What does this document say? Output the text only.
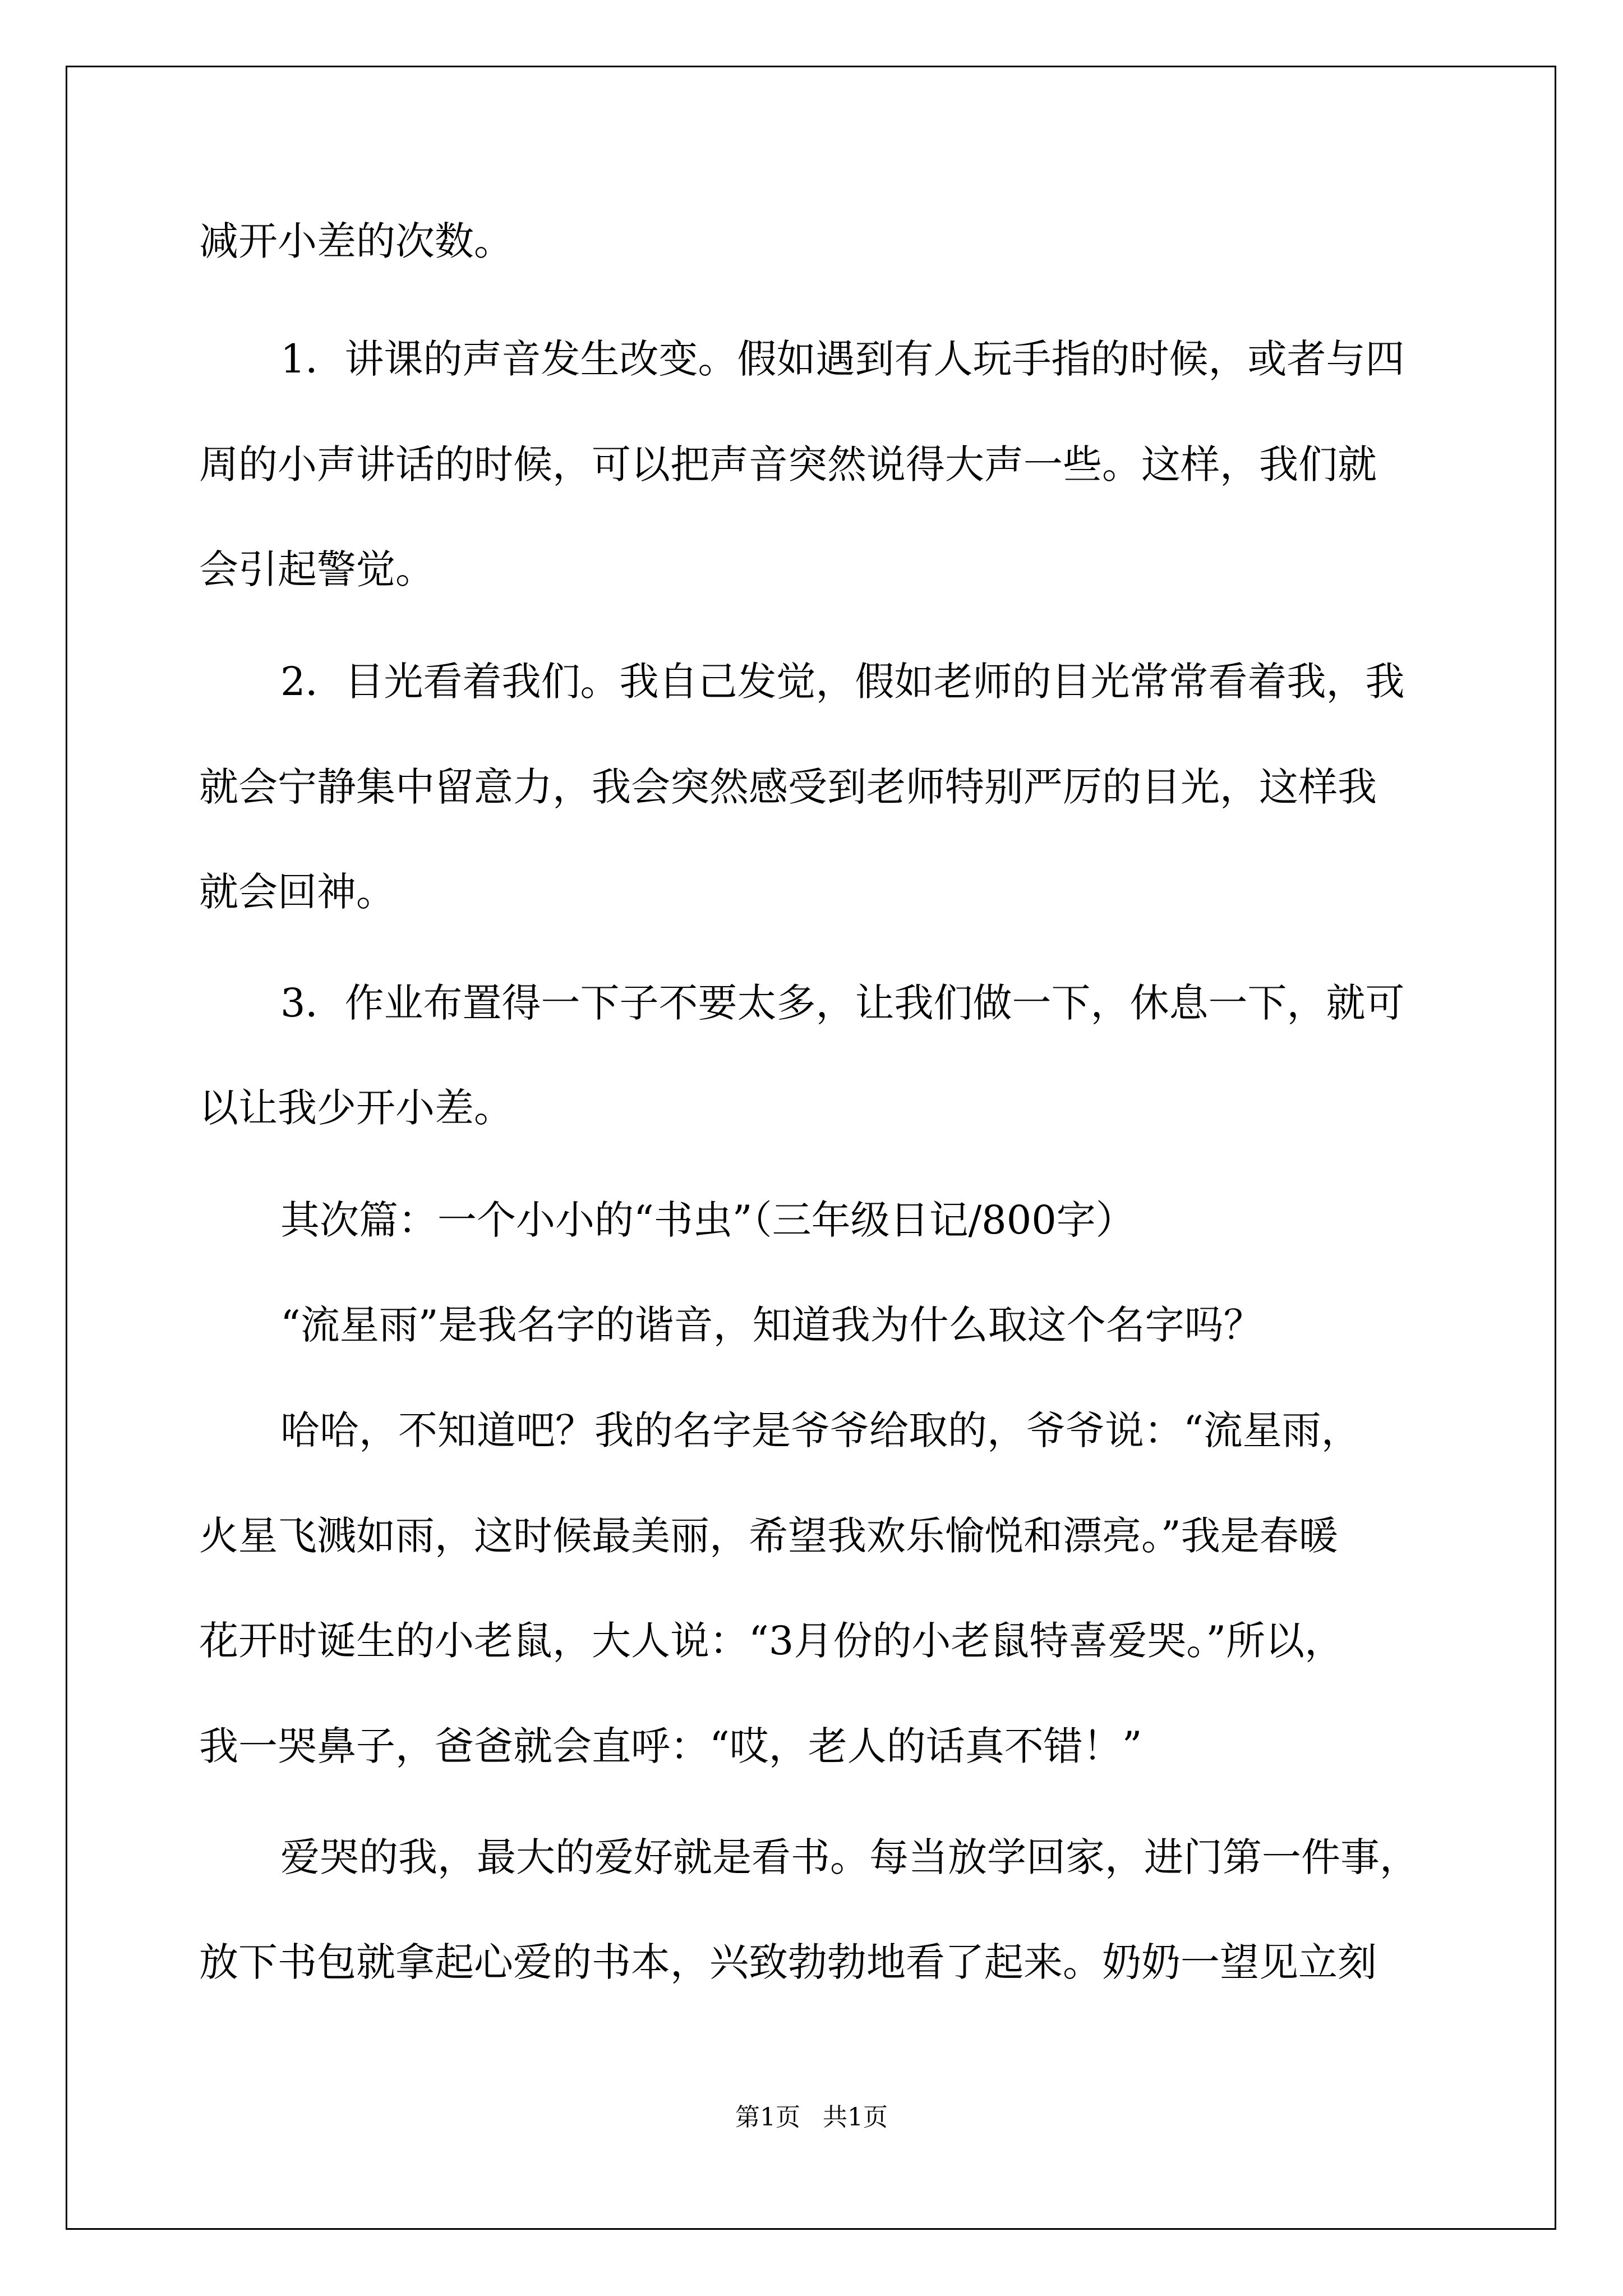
减开小差的次数。

1．讲课的声音发生改变。假如遇到有人玩手指的时候，或者与四

周的小声讲话的时候，可以把声音突然说得大声一些。这样，我们就

会引起警觉。

2．目光看着我们。我自己发觉，假如老师的目光常常看着我，我

就会宁静集中留意力，我会突然感受到老师特别严厉的目光，这样我

就会回神。

3．作业布置得一下子不要太多，让我们做一下，休息一下，就可

以让我少开小差。

其次篇：一个小小的“书虫”（三年级日记/800字）

“流星雨”是我名字的谐音，知道我为什么取这个名字吗？

哈哈，不知道吧？我的名字是爷爷给取的，爷爷说：“流星雨，

火星飞溅如雨，这时候最美丽，希望我欢乐愉悦和漂亮。”我是春暖

花开时诞生的小老鼠，大人说：“3月份的小老鼠特喜爱哭。”所以，

我一哭鼻子，爸爸就会直呼：“哎，老人的话真不错！”

爱哭的我，最大的爱好就是看书。每当放学回家，进门第一件事，

放下书包就拿起心爱的书本，兴致勃勃地看了起来。奶奶一望见立刻

第1页 共1页
